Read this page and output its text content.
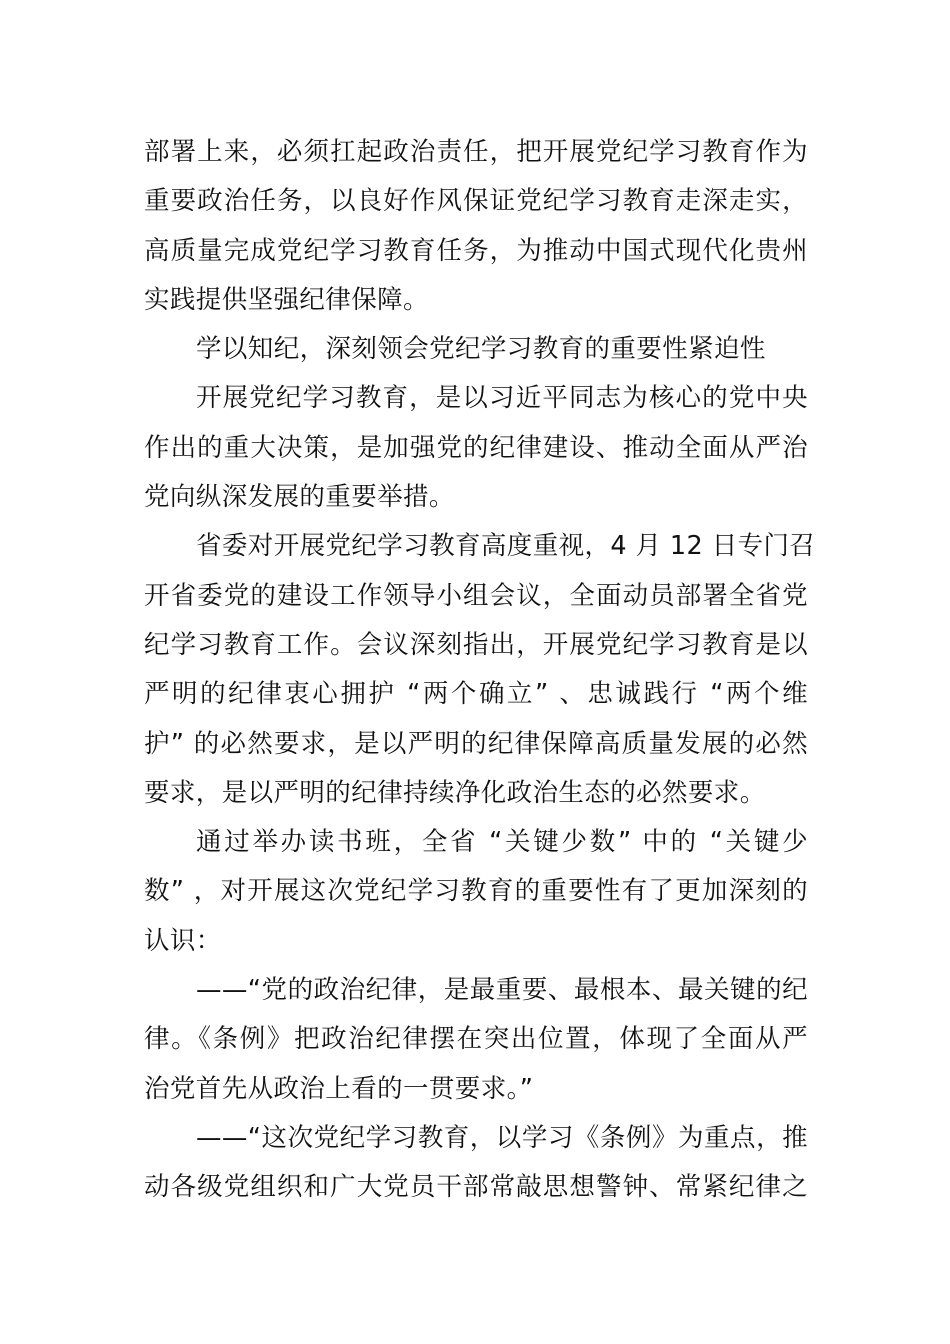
部署上来，必须扛起政治责任，把开展党纪学习教育作为
重要政治任务，以良好作风保证党纪学习教育走深走实，
高质量完成党纪学习教育任务，为推动中国式现代化贵州
实践提供坚强纪律保障。
学以知纪，深刻领会党纪学习教育的重要性紧迫性
开展党纪学习教育，是以习近平同志为核心的党中央
作出的重大决策，是加强党的纪律建设、推动全面从严治
党向纵深发展的重要举措。
省委对开展党纪学习教育高度重视，4 月 12 日专门召
开省委党的建设工作领导小组会议，全面动员部署全省党
纪学习教育工作。会议深刻指出，开展党纪学习教育是以
严明的纪律衷心拥护 “两个确立” 、忠诚践行 “两个维
护” 的必然要求，是以严明的纪律保障高质量发展的必然
要求，是以严明的纪律持续净化政治生态的必然要求。
通过举办读书班，全省 “关键少数” 中的 “关键少
数” ，对开展这次党纪学习教育的重要性有了更加深刻的
认识：
——“党的政治纪律，是最重要、最根本、最关键的纪
律。《条例》把政治纪律摆在突出位置，体现了全面从严
治党首先从政治上看的一贯要求。”
——“这次党纪学习教育，以学习《条例》为重点，推
动各级党组织和广大党员干部常敲思想警钟、常紧纪律之
